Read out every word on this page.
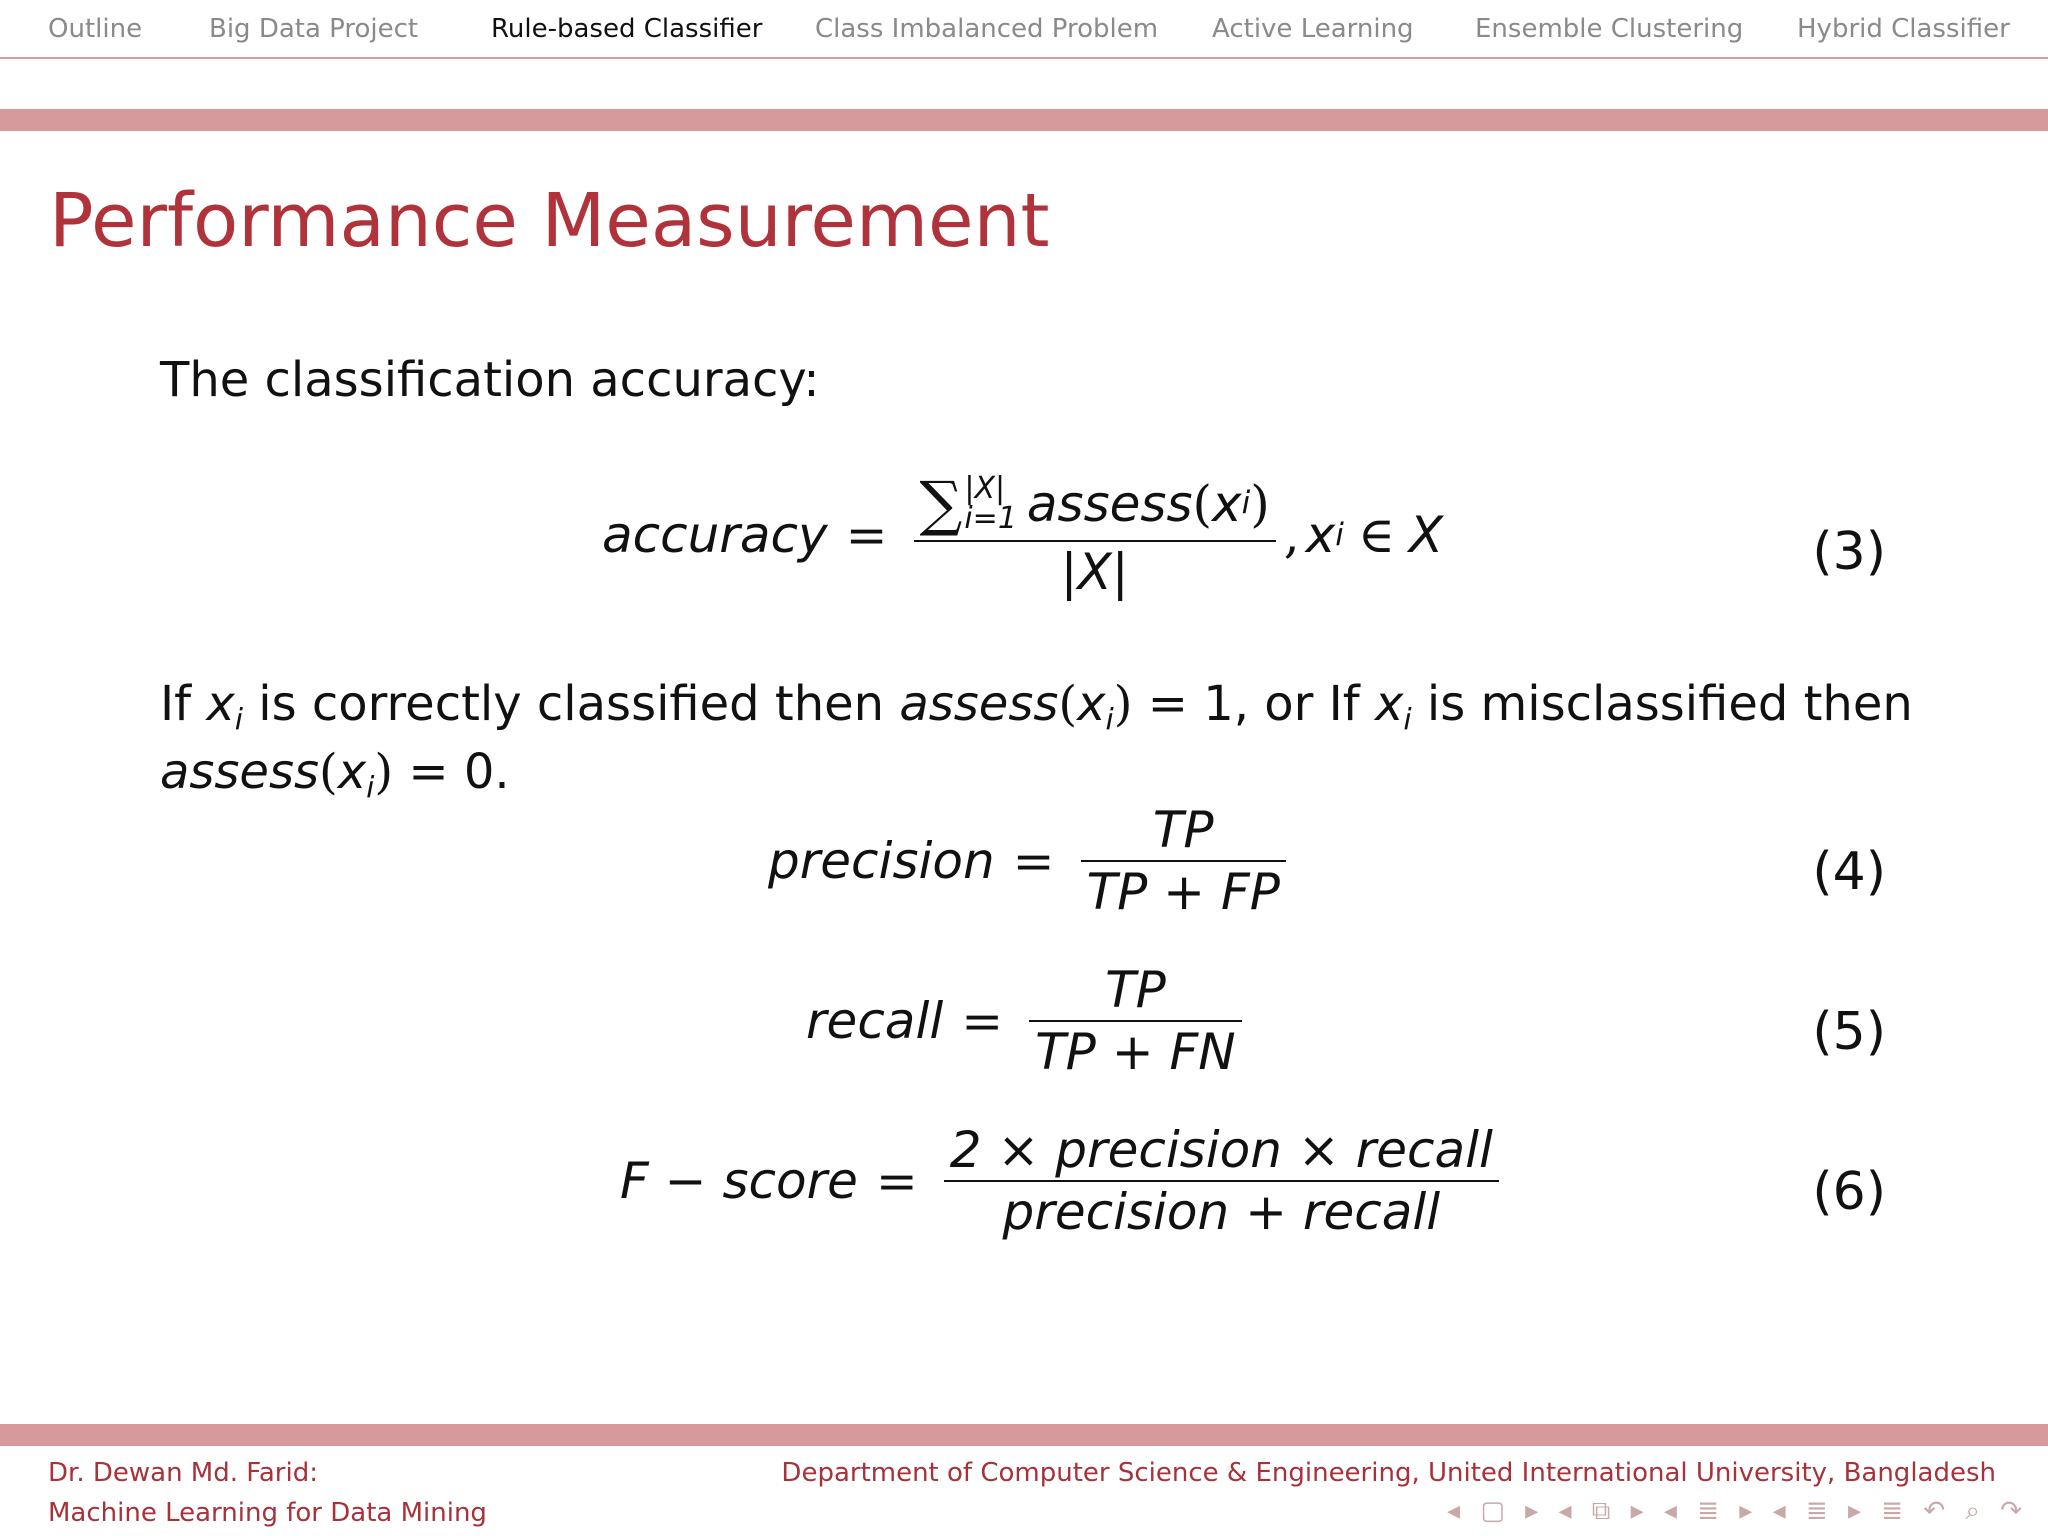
Outline	Big Data Project	Rule-based Classifier Class Imbalanced Problem Active Learning Ensemble Clustering Hybrid Classifier
Performance Measurement
The classification accuracy:
accuracy = ∑ |X|
i=1 assess ( x i )
|X|
, x i ∈ X	(3)
If $x_i$ is correctly classified then $assess(x_i) = 1$, or If $x_i$ is misclassified then
$assess(x_i) = 0$.
precision = $\frac{TP}{TP + FP}$	(4)
recall = $\frac{TP}{TP + FN}$	(5)
F − score = $\frac{\text{2 × precision × recall}}{\text{precision + recall}}$	(6)
Dr. Dewan Md. Farid:
Machine Learning for Data Mining
Department of Computer Science & Engineering, United International University, Bangladesh
◂ ▢ ▸ ◂ ⧉ ▸ ◂ ≣ ▸ ◂ ≣ ▸ ≣ ↶ ⌕ ↷
